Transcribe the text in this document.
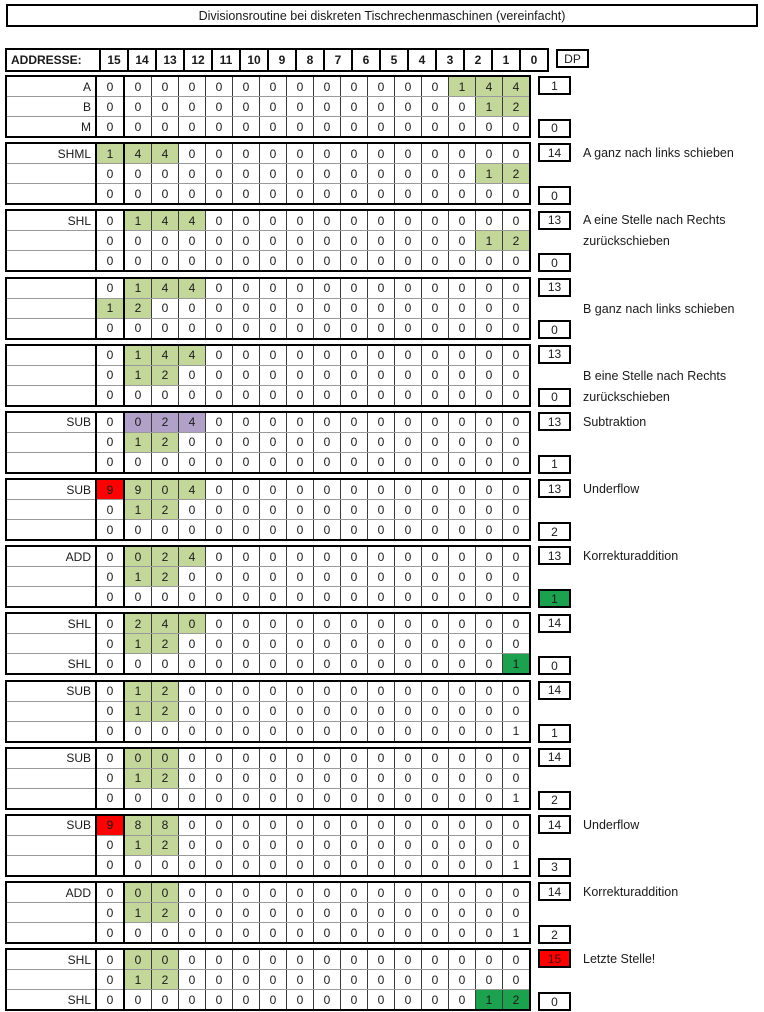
Divisionsroutine bei diskreten Tischrechenmaschinen (vereinfacht)
ADDRESSE:	15	14	13	12	11	10	9	8	7	6	5	4	3	2	1	0	DP
A	0	0	0	0	0	0	0	0	0	0	0	0	0	1	4	4
B	0	0	0	0	0	0	0	0	0	0	0	0	0	0	1	2
M	0	0	0	0	0	0	0	0	0	0	0	0	0	0	0	0
1
0
SHML	1	4	4	0	0	0	0	0	0	0	0	0	0	0	0	0
	0	0	0	0	0	0	0	0	0	0	0	0	0	0	1	2
	0	0	0	0	0	0	0	0	0	0	0	0	0	0	0	0
14
0
A ganz nach links schieben
SHL	0	1	4	4	0	0	0	0	0	0	0	0	0	0	0	0
	0	0	0	0	0	0	0	0	0	0	0	0	0	0	1	2
	0	0	0	0	0	0	0	0	0	0	0	0	0	0	0	0
13
0
A eine Stelle nach Rechts
zurückschieben
	0	1	4	4	0	0	0	0	0	0	0	0	0	0	0	0
	1	2	0	0	0	0	0	0	0	0	0	0	0	0	0	0
	0	0	0	0	0	0	0	0	0	0	0	0	0	0	0	0
13
0
B ganz nach links schieben
	0	1	4	4	0	0	0	0	0	0	0	0	0	0	0	0
	0	1	2	0	0	0	0	0	0	0	0	0	0	0	0	0
	0	0	0	0	0	0	0	0	0	0	0	0	0	0	0	0
13
0
B eine Stelle nach Rechts
zurückschieben
SUB	0	0	2	4	0	0	0	0	0	0	0	0	0	0	0	0
	0	1	2	0	0	0	0	0	0	0	0	0	0	0	0	0
	0	0	0	0	0	0	0	0	0	0	0	0	0	0	0	0
13
1
Subtraktion
SUB	9	9	0	4	0	0	0	0	0	0	0	0	0	0	0	0
	0	1	2	0	0	0	0	0	0	0	0	0	0	0	0	0
	0	0	0	0	0	0	0	0	0	0	0	0	0	0	0	0
13
2
Underflow
ADD	0	0	2	4	0	0	0	0	0	0	0	0	0	0	0	0
	0	1	2	0	0	0	0	0	0	0	0	0	0	0	0	0
	0	0	0	0	0	0	0	0	0	0	0	0	0	0	0	0
13
1
Korrekturaddition
SHL	0	2	4	0	0	0	0	0	0	0	0	0	0	0	0	0
	0	1	2	0	0	0	0	0	0	0	0	0	0	0	0	0
SHL	0	0	0	0	0	0	0	0	0	0	0	0	0	0	0	1
14
0
SUB	0	1	2	0	0	0	0	0	0	0	0	0	0	0	0	0
	0	1	2	0	0	0	0	0	0	0	0	0	0	0	0	0
	0	0	0	0	0	0	0	0	0	0	0	0	0	0	0	1
14
1
SUB	0	0	0	0	0	0	0	0	0	0	0	0	0	0	0	0
	0	1	2	0	0	0	0	0	0	0	0	0	0	0	0	0
	0	0	0	0	0	0	0	0	0	0	0	0	0	0	0	1
14
2
SUB	9	8	8	0	0	0	0	0	0	0	0	0	0	0	0	0
	0	1	2	0	0	0	0	0	0	0	0	0	0	0	0	0
	0	0	0	0	0	0	0	0	0	0	0	0	0	0	0	1
14
3
Underflow
ADD	0	0	0	0	0	0	0	0	0	0	0	0	0	0	0	0
	0	1	2	0	0	0	0	0	0	0	0	0	0	0	0	0
	0	0	0	0	0	0	0	0	0	0	0	0	0	0	0	1
14
2
Korrekturaddition
SHL	0	0	0	0	0	0	0	0	0	0	0	0	0	0	0	0
	0	1	2	0	0	0	0	0	0	0	0	0	0	0	0	0
SHL	0	0	0	0	0	0	0	0	0	0	0	0	0	0	1	2
15
0
Letzte Stelle!
